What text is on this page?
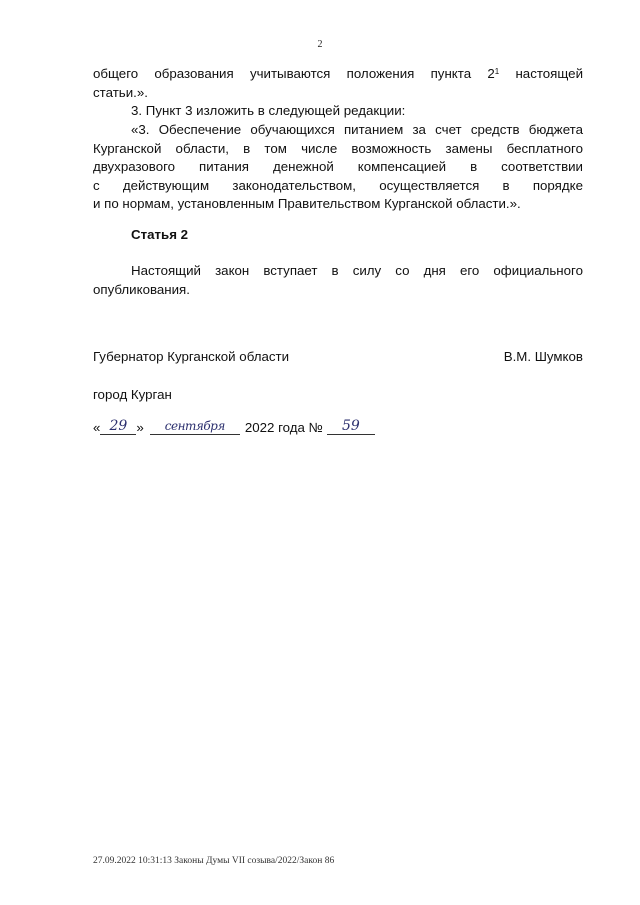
2
общего образования учитываются положения пункта $2^1$ настоящей
статьи.».
3. Пункт 3 изложить в следующей редакции:
«3. Обеспечение обучающихся питанием за счет средств бюджета
Курганской области, в том числе возможность замены бесплатного
двухразового питания денежной компенсацией в соответствии
с действующим законодательством, осуществляется в порядке
и по нормам, установленным Правительством Курганской области.».
Статья 2
Настоящий закон вступает в силу со дня его официального
опубликования.
Губернатор Курганской области	В.М. Шумков
город Курган
« 29 »	сентября	2022 года №	59
27.09.2022 10:31:13 Законы Думы VII созыва/2022/Закон 86
